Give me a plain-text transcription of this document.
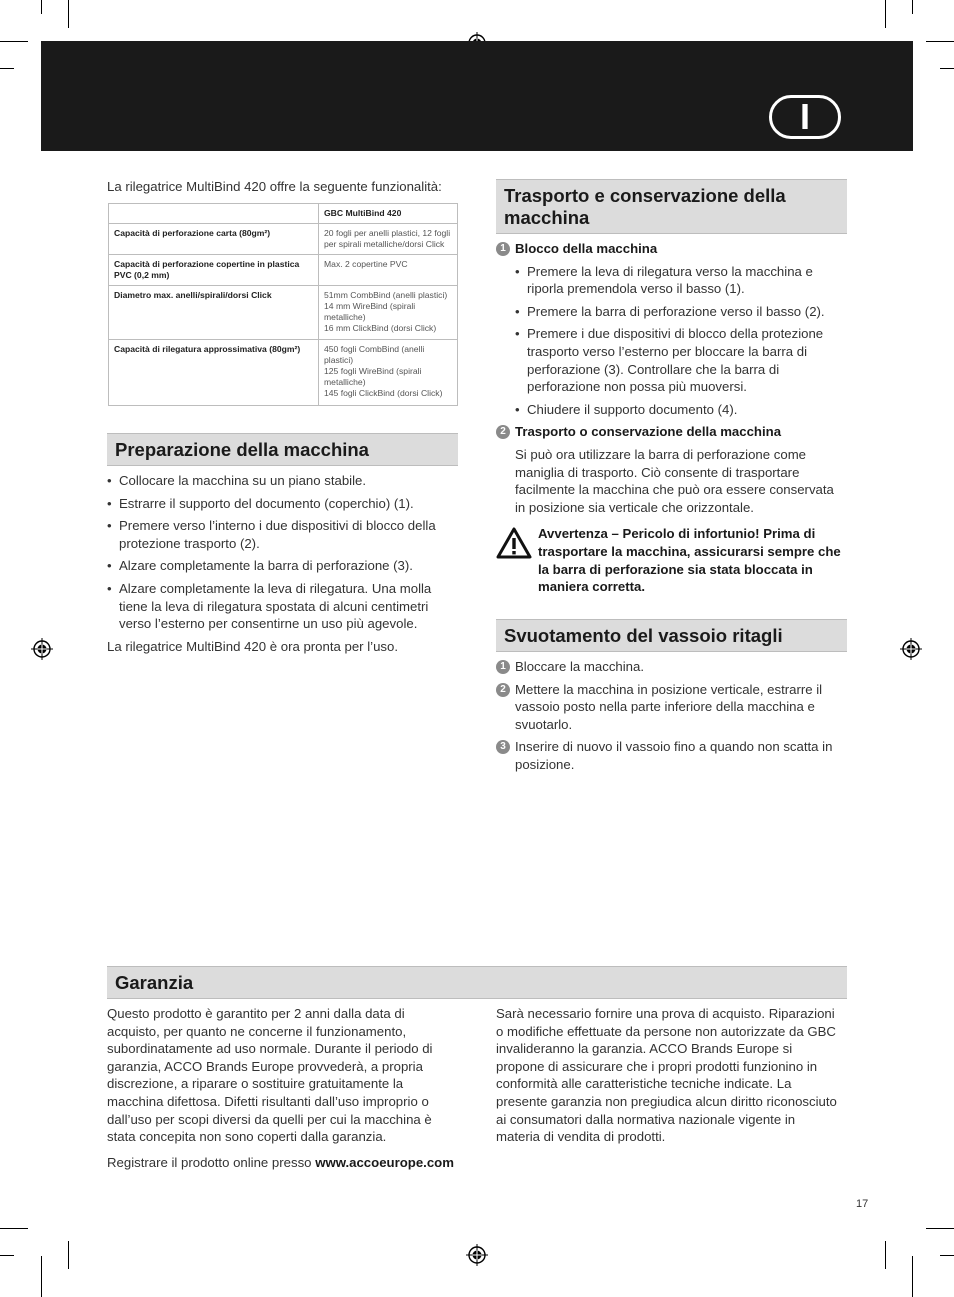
I
La rilegatrice MultiBind 420 offre la seguente funzionalità:
	GBC MultiBind 420
Capacità di perforazione carta (80gm²)	20 fogli per anelli plastici, 12 fogli per spirali metalliche/dorsi Click
Capacità di perforazione copertine in plastica PVC (0,2 mm)	Max. 2 copertine PVC
Diametro max. anelli/spirali/dorsi Click	51mm CombBind (anelli plastici)
14 mm WireBind (spirali metalliche)
16 mm ClickBind (dorsi Click)
Capacità di rilegatura approssimativa (80gm²)	450 fogli CombBind (anelli plastici)
125 fogli WireBind (spirali metalliche)
145 fogli ClickBind (dorsi Click)
Preparazione della macchina
• Collocare la macchina su un piano stabile.
• Estrarre il supporto del documento (coperchio) (1).
• Premere verso l’interno i due dispositivi di blocco della protezione trasporto (2).
• Alzare completamente la barra di perforazione (3).
• Alzare completamente la leva di rilegatura. Una molla tiene la leva di rilegatura spostata di alcuni centimetri verso l’esterno per consentirne un uso più agevole.
La rilegatrice MultiBind 420 è ora pronta per l’uso.
Trasporto e conservazione della macchina
1 Blocco della macchina
• Premere la leva di rilegatura verso la macchina e riporla premendola verso il basso (1).
• Premere la barra di perforazione verso il basso (2).
• Premere i due dispositivi di blocco della protezione trasporto verso l’esterno per bloccare la barra di perforazione (3). Controllare che la barra di perforazione non possa più muoversi.
• Chiudere il supporto documento (4).
2 Trasporto o conservazione della macchina
Si può ora utilizzare la barra di perforazione come maniglia di trasporto. Ciò consente di trasportare facilmente la macchina che può ora essere conservata in posizione sia verticale che orizzontale.
Avvertenza – Pericolo di infortunio! Prima di trasportare la macchina, assicurarsi sempre che la barra di perforazione sia stata bloccata in maniera corretta.
Svuotamento del vassoio ritagli
1 Bloccare la macchina.
2 Mettere la macchina in posizione verticale, estrarre il vassoio posto nella parte inferiore della macchina e svuotarlo.
3 Inserire di nuovo il vassoio fino a quando non scatta in posizione.
Garanzia
Questo prodotto è garantito per 2 anni dalla data di acquisto, per quanto ne concerne il funzionamento, subordinatamente ad uso normale. Durante il periodo di garanzia, ACCO Brands Europe provvederà, a propria discrezione, a riparare o sostituire gratuitamente la macchina difettosa. Difetti risultanti dall’uso improprio o dall’uso per scopi diversi da quelli per cui la macchina è stata concepita non sono coperti dalla garanzia.
Registrare il prodotto online presso www.accoeurope.com
Sarà necessario fornire una prova di acquisto. Riparazioni o modifiche effettuate da persone non autorizzate da GBC invalideranno la garanzia. ACCO Brands Europe si propone di assicurare che i propri prodotti funzionino in conformità alle caratteristiche tecniche indicate. La presente garanzia non pregiudica alcun diritto riconosciuto ai consumatori dalla normativa nazionale vigente in materia di vendita di prodotti.
17
